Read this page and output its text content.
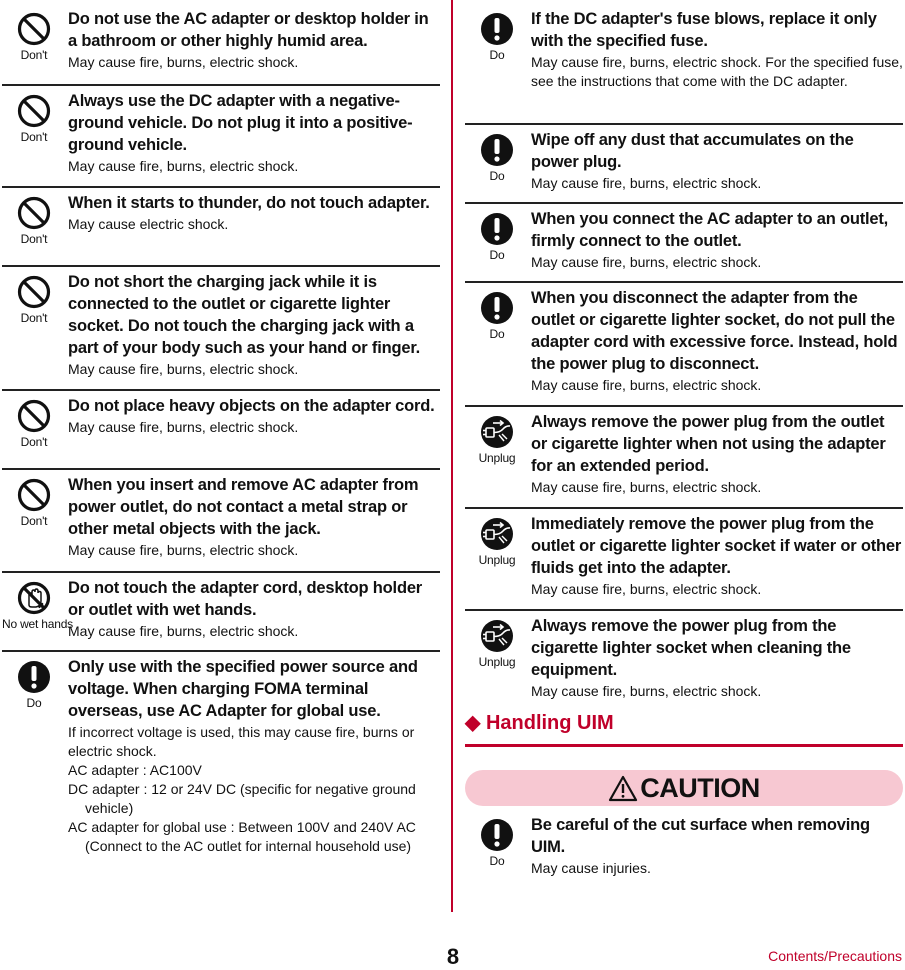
Don't
Do not use the AC adapter or desktop holder in a bathroom or other highly humid area.
May cause fire, burns, electric shock.
Don't
Always use the DC adapter with a negative-ground vehicle. Do not plug it into a positive-ground vehicle.
May cause fire, burns, electric shock.
Don't
When it starts to thunder, do not touch adapter.
May cause electric shock.
Don't
Do not short the charging jack while it is connected to the outlet or cigarette lighter socket. Do not touch the charging jack with a part of your body such as your hand or finger.
May cause fire, burns, electric shock.
Don't
Do not place heavy objects on the adapter cord.
May cause fire, burns, electric shock.
Don't
When you insert and remove AC adapter from power outlet, do not contact a metal strap or other metal objects with the jack.
May cause fire, burns, electric shock.
No wet hands
Do not touch the adapter cord, desktop holder or outlet with wet hands.
May cause fire, burns, electric shock.
Do
Only use with the specified power source and voltage. When charging FOMA terminal overseas, use AC Adapter for global use.
If incorrect voltage is used, this may cause fire, burns or electric shock.
AC adapter : AC100V
DC adapter : 12 or 24V DC (specific for negative ground vehicle)
AC adapter for global use : Between 100V and 240V AC (Connect to the AC outlet for internal household use)
Do
If the DC adapter's fuse blows, replace it only with the specified fuse.
May cause fire, burns, electric shock. For the specified fuse, see the instructions that come with the DC adapter.
Do
Wipe off any dust that accumulates on the power plug.
May cause fire, burns, electric shock.
Do
When you connect the AC adapter to an outlet, firmly connect to the outlet.
May cause fire, burns, electric shock.
Do
When you disconnect the adapter from the outlet or cigarette lighter socket, do not pull the adapter cord with excessive force. Instead, hold the power plug to disconnect.
May cause fire, burns, electric shock.
Unplug
Always remove the power plug from the outlet or cigarette lighter when not using the adapter for an extended period.
May cause fire, burns, electric shock.
Unplug
Immediately remove the power plug from the outlet or cigarette lighter socket if water or other fluids get into the adapter.
May cause fire, burns, electric shock.
Unplug
Always remove the power plug from the cigarette lighter socket when cleaning the equipment.
May cause fire, burns, electric shock.
Do
Be careful of the cut surface when removing UIM.
May cause injuries.
◆ Handling UIM
CAUTION
8	Contents/Precautions
